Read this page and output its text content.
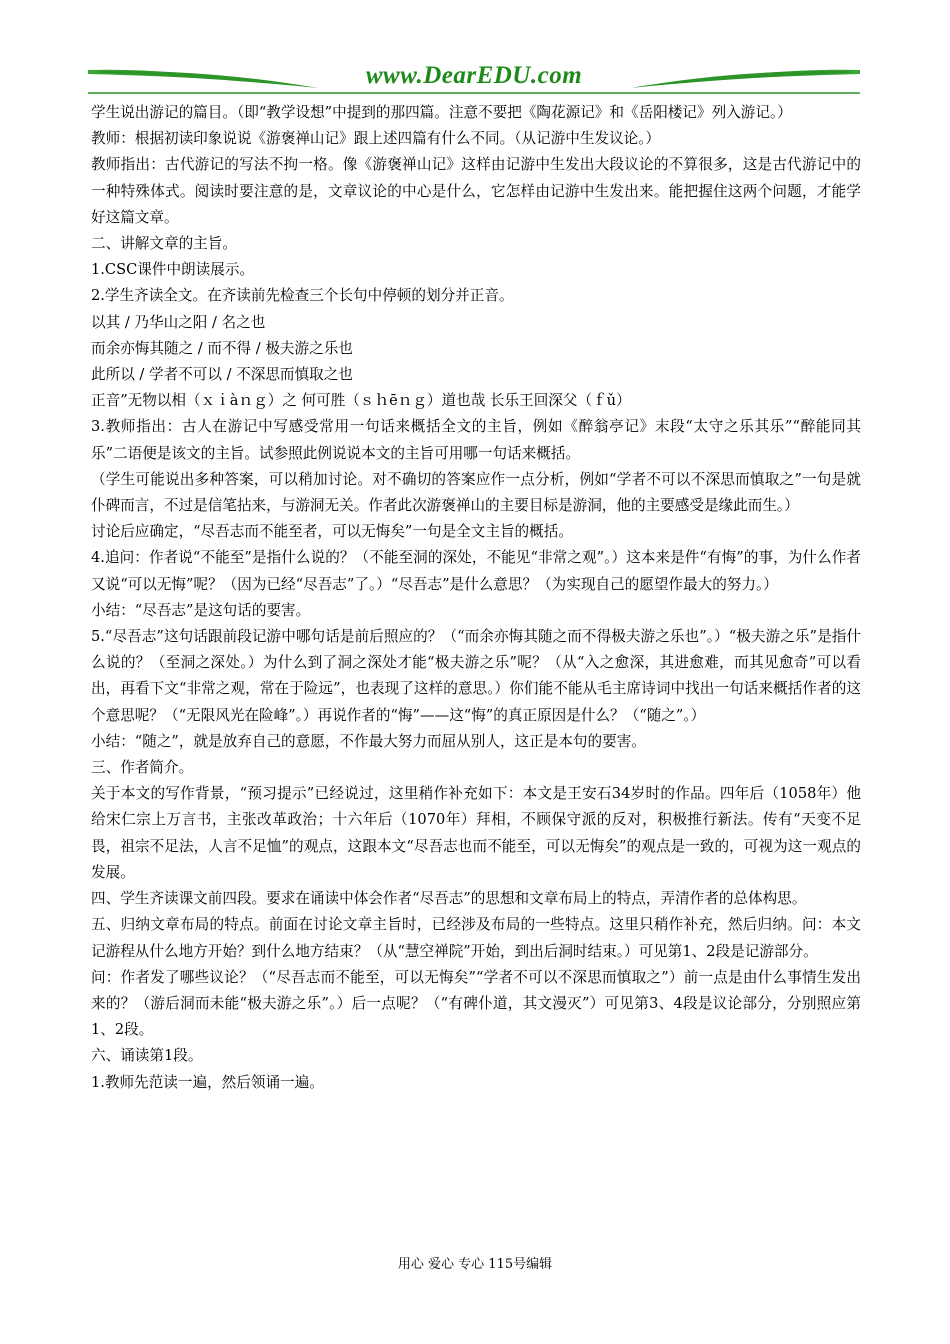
www.DearEDU.com

学生说出游记的篇目。（即“教学设想”中提到的那四篇。注意不要把《陶花源记》和《岳阳楼记》列入游记。）

教师：根据初读印象说说《游褒禅山记》跟上述四篇有什么不同。（从记游中生发议论。）

教师指出：古代游记的写法不拘一格。像《游褒禅山记》这样由记游中生发出大段议论的不算很多，这是古代游记中的一种特殊体式。阅读时要注意的是，文章议论的中心是什么，它怎样由记游中生发出来。能把握住这两个问题，才能学好这篇文章。

二、讲解文章的主旨。

1.CSC课件中朗读展示。

2.学生齐读全文。在齐读前先检查三个长句中停顿的划分并正音。

以其 / 乃华山之阳 / 名之也

而余亦悔其随之 / 而不得 / 极夫游之乐也

此所以 / 学者不可以 / 不深思而慎取之也

正音”无物以相（ｘｉàｎｇ）之 何可胜（ｓｈēｎｇ）道也哉 长乐王回深父（ｆǔ）

3.教师指出：古人在游记中写感受常用一句话来概括全文的主旨，例如《醉翁亭记》末段“太守之乐其乐”“醉能同其乐”二语便是该文的主旨。试参照此例说说本文的主旨可用哪一句话来概括。

（学生可能说出多种答案，可以稍加讨论。对不确切的答案应作一点分析，例如“学者不可以不深思而慎取之”一句是就仆碑而言，不过是信笔拈来，与游洞无关。作者此次游褒禅山的主要目标是游洞，他的主要感受是缘此而生。）

讨论后应确定，“尽吾志而不能至者，可以无悔矣”一句是全文主旨的概括。

4.追问：作者说“不能至”是指什么说的？（不能至洞的深处，不能见“非常之观”。）这本来是件“有悔”的事，为什么作者又说“可以无悔”呢？（因为已经“尽吾志”了。）“尽吾志”是什么意思？（为实现自己的愿望作最大的努力。）

小结：“尽吾志”是这句话的要害。

5.“尽吾志”这句话跟前段记游中哪句话是前后照应的？（“而余亦悔其随之而不得极夫游之乐也”。）“极夫游之乐”是指什么说的？（至洞之深处。）为什么到了洞之深处才能“极夫游之乐”呢？（从“入之愈深，其进愈难，而其见愈奇”可以看出，再看下文“非常之观，常在于险远”，也表现了这样的意思。）你们能不能从毛主席诗词中找出一句话来概括作者的这个意思呢？（“无限风光在险峰”。）再说作者的“悔”——这“悔”的真正原因是什么？（“随之”。）

小结：“随之”，就是放弃自己的意愿，不作最大努力而屈从别人，这正是本句的要害。

三、作者简介。

关于本文的写作背景，“预习提示”已经说过，这里稍作补充如下：本文是王安石34岁时的作品。四年后（1058年）他给宋仁宗上万言书，主张改革政治；十六年后（1070年）拜相，不顾保守派的反对，积极推行新法。传有“天变不足畏，祖宗不足法，人言不足恤”的观点，这跟本文“尽吾志也而不能至，可以无悔矣”的观点是一致的，可视为这一观点的发展。

四、学生齐读课文前四段。要求在诵读中体会作者“尽吾志”的思想和文章布局上的特点，弄清作者的总体构思。

五、归纳文章布局的特点。前面在讨论文章主旨时，已经涉及布局的一些特点。这里只稍作补充，然后归纳。问：本文记游程从什么地方开始？到什么地方结束？（从“慧空禅院”开始，到出后洞时结束。）可见第1、2段是记游部分。

问：作者发了哪些议论？（“尽吾志而不能至，可以无悔矣”“学者不可以不深思而慎取之”）前一点是由什么事情生发出来的？（游后洞而未能“极夫游之乐”。）后一点呢？（“有碑仆道，其文漫灭”）可见第3、4段是议论部分，分别照应第1、2段。

六、诵读第1段。

1.教师先范读一遍，然后领诵一遍。

用心 爱心 专心 115号编辑
